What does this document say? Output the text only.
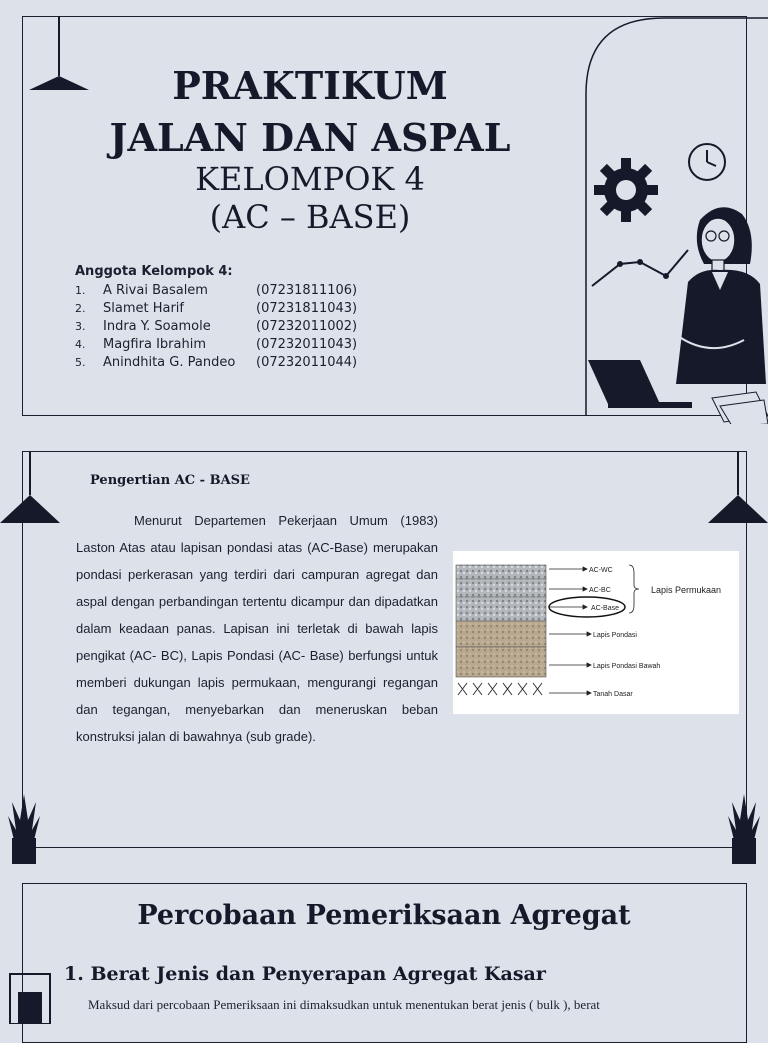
PRAKTIKUM
JALAN DAN ASPAL
KELOMPOK 4
(AC – BASE)
Anggota Kelompok 4:
1.	A Rivai Basalem	(07231811106)
2.	Slamet Harif	(07231811043)
3.	Indra Y. Soamole	(07232011002)
4.	Magfira Ibrahim	(07232011043)
5.	Anindhita G. Pandeo	(07232011044)
Pengertian AC - BASE
Menurut Departemen Pekerjaan Umum (1983) Laston Atas atau lapisan pondasi atas (AC-Base) merupakan pondasi perkerasan yang terdiri dari campuran agregat dan aspal dengan perbandingan tertentu dicampur dan dipadatkan dalam keadaan panas. Lapisan ini terletak di bawah lapis pengikat (AC- BC), Lapis Pondasi (AC- Base) berfungsi untuk memberi dukungan lapis permukaan, mengurangi regangan dan tegangan, menyebarkan dan meneruskan beban konstruksi jalan di bawahnya (sub grade).
AC-WC
AC-BC
AC-Base
Lapis Pondasi
Lapis Pondasi Bawah
Tanah Dasar
Lapis Permukaan
Percobaan Pemeriksaan Agregat
1. Berat Jenis dan Penyerapan Agregat Kasar
Maksud dari percobaan Pemeriksaan ini dimaksudkan untuk menentukan berat jenis ( bulk ), berat
